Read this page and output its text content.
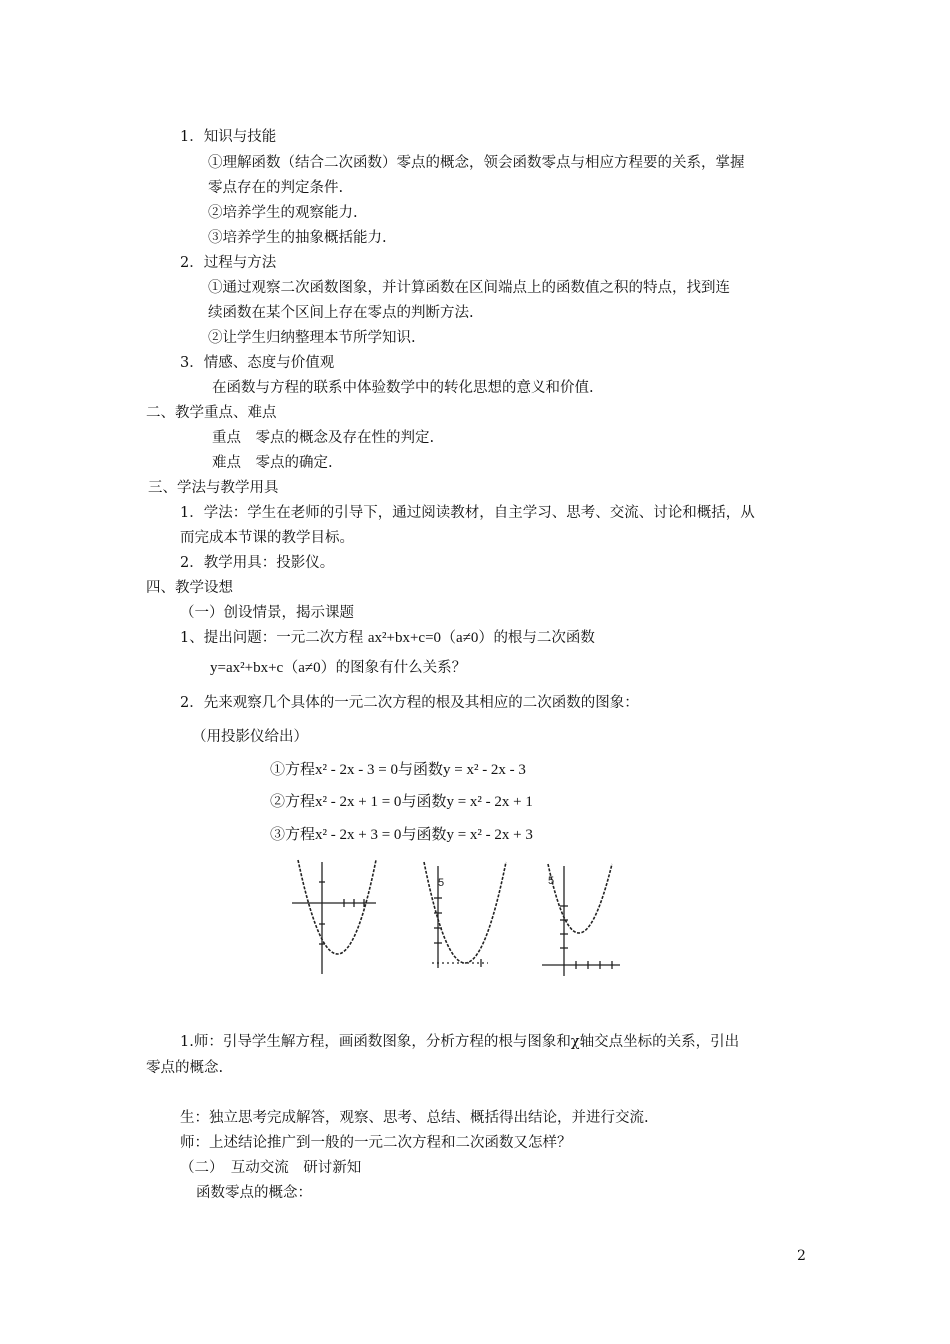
1．知识与技能
①理解函数（结合二次函数）零点的概念，领会函数零点与相应方程要的关系，掌握
零点存在的判定条件.
②培养学生的观察能力.
③培养学生的抽象概括能力.
2．过程与方法
①通过观察二次函数图象，并计算函数在区间端点上的函数值之积的特点，找到连
续函数在某个区间上存在零点的判断方法.
②让学生归纳整理本节所学知识.
3．情感、态度与价值观
在函数与方程的联系中体验数学中的转化思想的意义和价值.
二、教学重点、难点
重点　零点的概念及存在性的判定.
难点　零点的确定.
三、学法与教学用具
1．学法：学生在老师的引导下，通过阅读教材，自主学习、思考、交流、讨论和概括，从
而完成本节课的教学目标。
2．教学用具：投影仪。
四、教学设想
（一）创设情景，揭示课题
1、提出问题：一元二次方程 ax²+bx+c=0（a≠0）的根与二次函数
y=ax²+bx+c（a≠0）的图象有什么关系？
2．先来观察几个具体的一元二次方程的根及其相应的二次函数的图象：
（用投影仪给出）
①方程x² - 2x - 3 = 0与函数y = x² - 2x - 3
②方程x² - 2x + 1 = 0与函数y = x² - 2x + 1
③方程x² - 2x + 3 = 0与函数y = x² - 2x + 3
5	5
1.师：引导学生解方程，画函数图象，分析方程的根与图象和χ轴交点坐标的关系，引出
零点的概念.
生：独立思考完成解答，观察、思考、总结、概括得出结论，并进行交流.
师：上述结论推广到一般的一元二次方程和二次函数又怎样？
（二）　互动交流　研讨新知
函数零点的概念：
2
